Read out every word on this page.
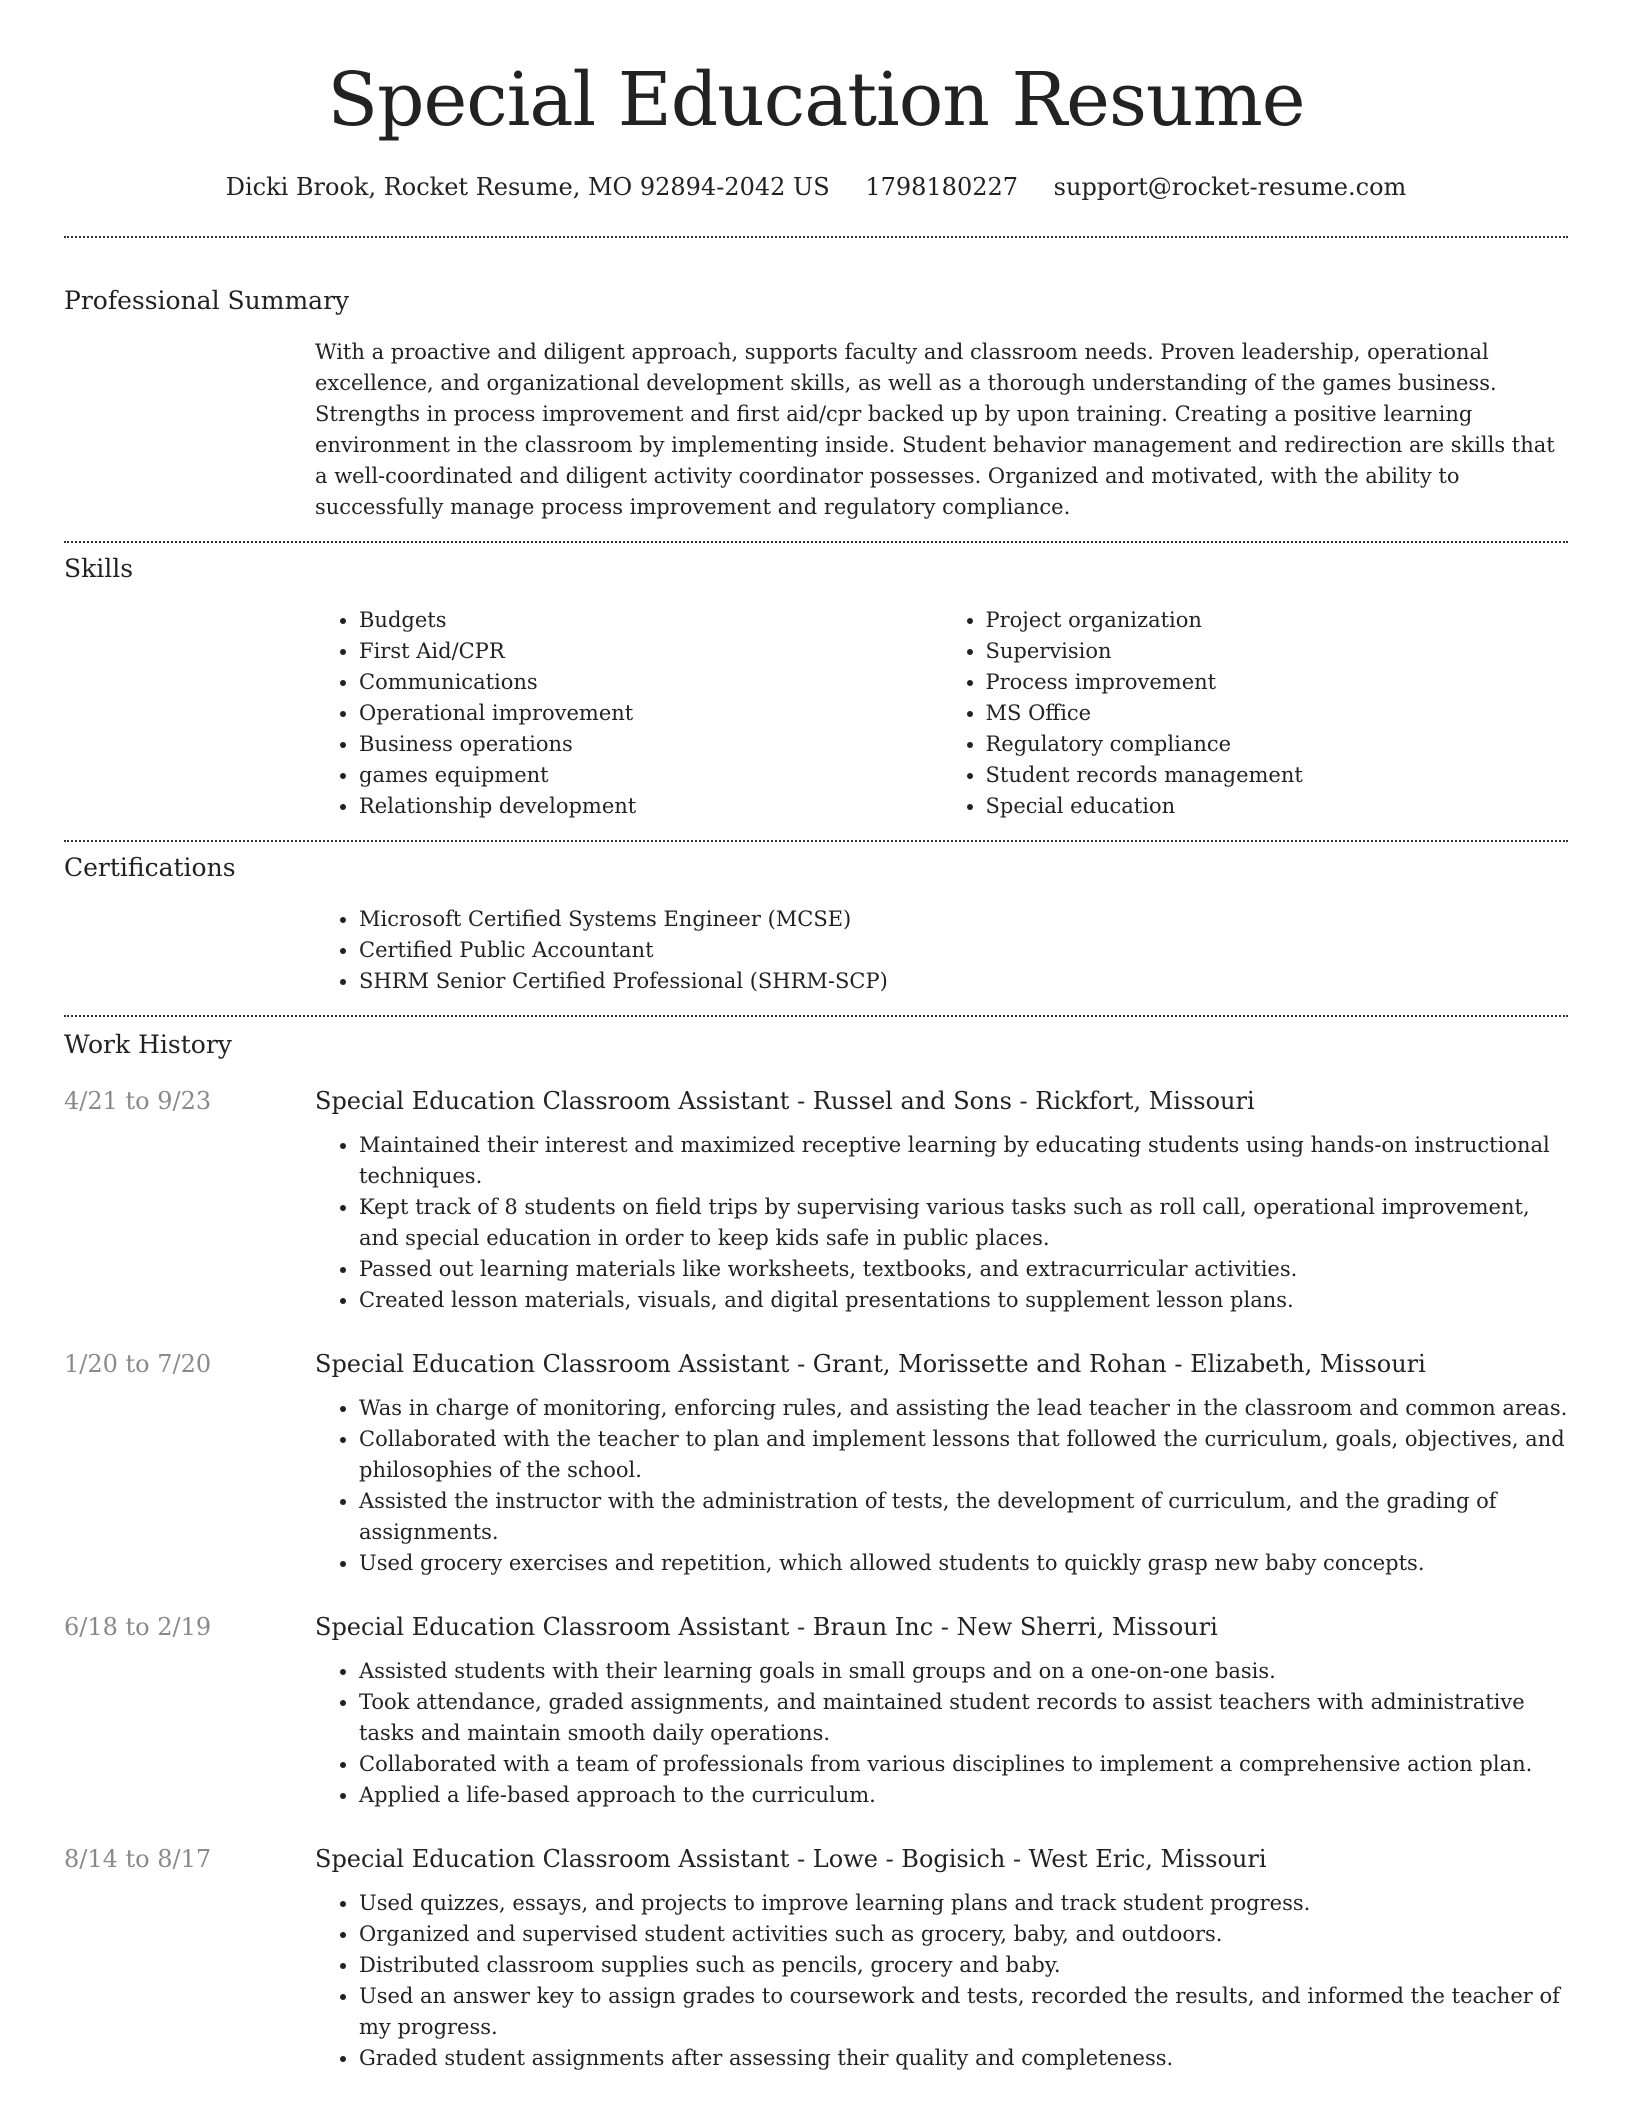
Special Education Resume
Dicki Brook, Rocket Resume, MO 92894-2042 US 1798180227 support@rocket-resume.com
Professional Summary

With a proactive and diligent approach, supports faculty and classroom needs. Proven leadership, operational excellence, and organizational development skills, as well as a thorough understanding of the games business. Strengths in process improvement and first aid/cpr backed up by upon training. Creating a positive learning environment in the classroom by implementing inside. Student behavior management and redirection are skills that a well-coordinated and diligent activity coordinator possesses. Organized and motivated, with the ability to successfully manage process improvement and regulatory compliance.

Skills
• Budgets
• First Aid/CPR
• Communications
• Operational improvement
• Business operations
• games equipment
• Relationship development
• Project organization
• Supervision
• Process improvement
• MS Office
• Regulatory compliance
• Student records management
• Special education
Certifications
• Microsoft Certified Systems Engineer (MCSE)
• Certified Public Accountant
• SHRM Senior Certified Professional (SHRM-SCP)
Work History
4/21 to 9/23	Special Education Classroom Assistant - Russel and Sons - Rickfort, Missouri
• Maintained their interest and maximized receptive learning by educating students using hands-on instructional techniques.
• Kept track of 8 students on field trips by supervising various tasks such as roll call, operational improvement, and special education in order to keep kids safe in public places.
• Passed out learning materials like worksheets, textbooks, and extracurricular activities.
• Created lesson materials, visuals, and digital presentations to supplement lesson plans.
1/20 to 7/20	Special Education Classroom Assistant - Grant, Morissette and Rohan - Elizabeth, Missouri
• Was in charge of monitoring, enforcing rules, and assisting the lead teacher in the classroom and common areas.
• Collaborated with the teacher to plan and implement lessons that followed the curriculum, goals, objectives, and philosophies of the school.
• Assisted the instructor with the administration of tests, the development of curriculum, and the grading of assignments.
• Used grocery exercises and repetition, which allowed students to quickly grasp new baby concepts.
6/18 to 2/19	Special Education Classroom Assistant - Braun Inc - New Sherri, Missouri
• Assisted students with their learning goals in small groups and on a one-on-one basis.
• Took attendance, graded assignments, and maintained student records to assist teachers with administrative tasks and maintain smooth daily operations.
• Collaborated with a team of professionals from various disciplines to implement a comprehensive action plan.
• Applied a life-based approach to the curriculum.
8/14 to 8/17	Special Education Classroom Assistant - Lowe - Bogisich - West Eric, Missouri
• Used quizzes, essays, and projects to improve learning plans and track student progress.
• Organized and supervised student activities such as grocery, baby, and outdoors.
• Distributed classroom supplies such as pencils, grocery and baby.
• Used an answer key to assign grades to coursework and tests, recorded the results, and informed the teacher of my progress.
• Graded student assignments after assessing their quality and completeness.
